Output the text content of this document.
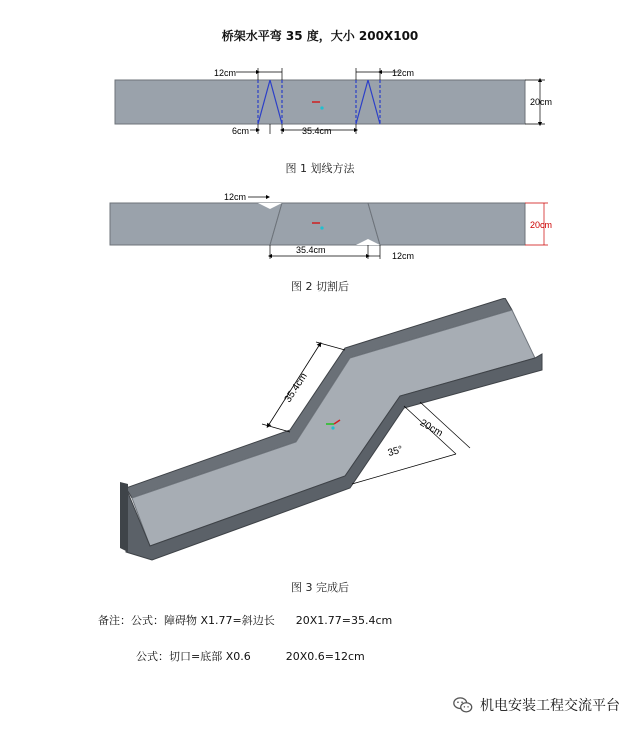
桥架水平弯 35 度，大小 200X100
12cm	12cm
6cm	35.4cm
20cm
图 1 划线方法
12cm
35.4cm
12cm
20cm
图 2 切割后
35.4cm
20cm
35°
图 3 完成后
备注：公式：障碍物 X1.77=斜边长      20X1.77=35.4cm
公式：切口=底部 X0.6          20X0.6=12cm
机电安装工程交流平台
